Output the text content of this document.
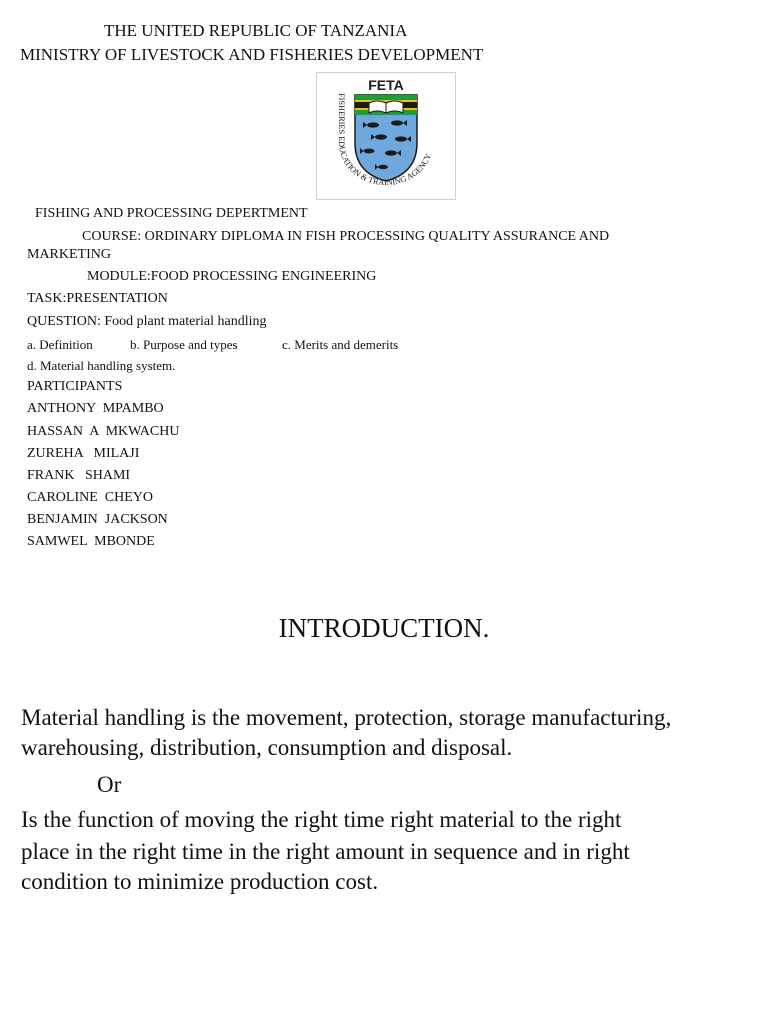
THE UNITED REPUBLIC OF TANZANIA
MINISTRY OF LIVESTOCK AND FISHERIES DEVELOPMENT
FETA
FISHERIES EDUCATION & TRAINING AGENCY
FISHING AND PROCESSING DEPERTMENT
COURSE: ORDINARY DIPLOMA IN FISH PROCESSING QUALITY ASSURANCE AND
MARKETING
MODULE:FOOD PROCESSING ENGINEERING
TASK:PRESENTATION
QUESTION: Food plant material handling
a. Definition	b. Purpose and types	c. Merits and demerits
d. Material handling system.
PARTICIPANTS
ANTHONY  MPAMBO
HASSAN  A  MKWACHU
ZUREHA   MILAJI
FRANK   SHAMI
CAROLINE  CHEYO
BENJAMIN  JACKSON
SAMWEL  MBONDE
INTRODUCTION.
Material handling is the movement, protection, storage manufacturing,
warehousing, distribution, consumption and disposal.
Or
Is the function of moving the right time right material to the right
place in the right time in the right amount in sequence and in right
condition to minimize production cost.
